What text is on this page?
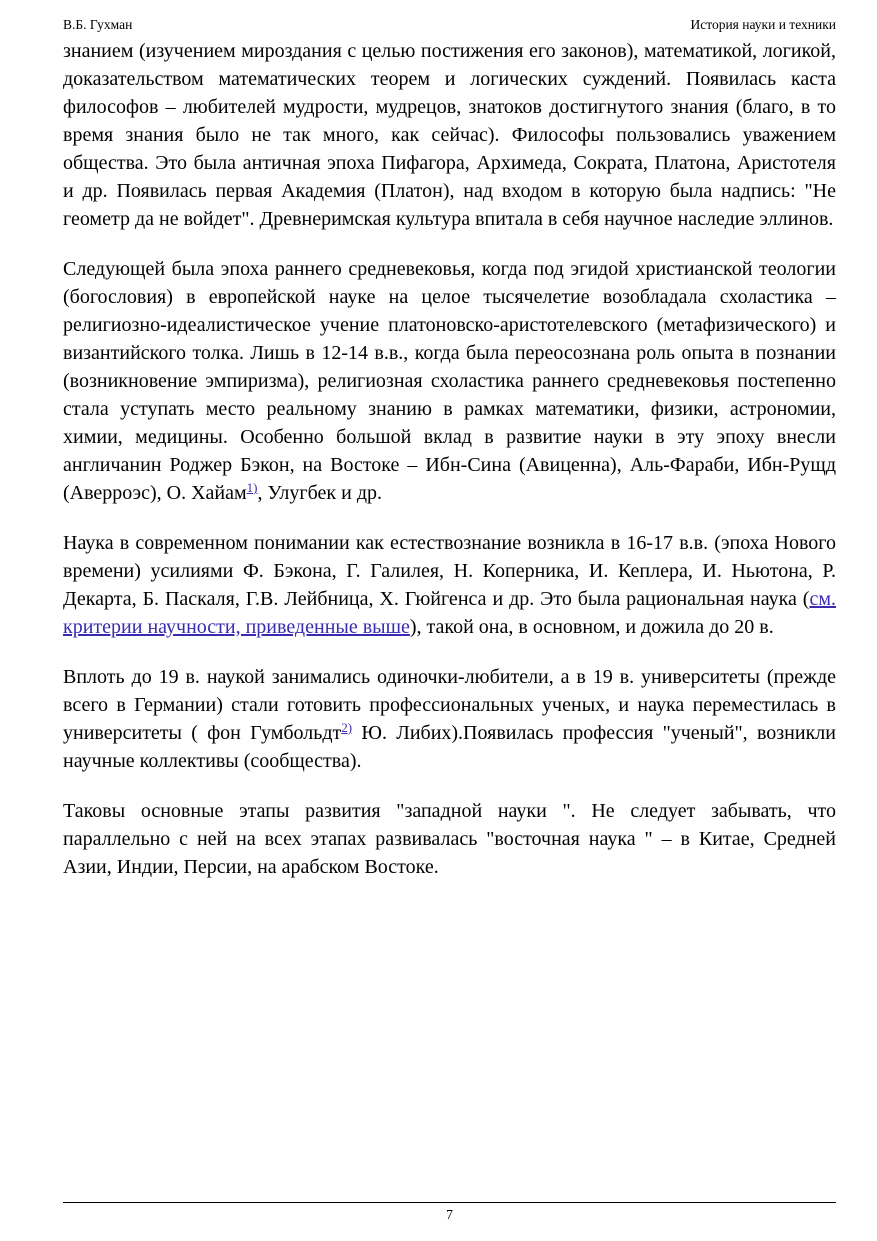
В.Б. Гухман	История науки и техники

знанием (изучением мироздания с целью постижения его законов), математикой, логикой, доказательством математических теорем и логических суждений. Появилась каста философов – любителей мудрости, мудрецов, знатоков достигнутого знания (благо, в то время знания было не так много, как сейчас). Философы пользовались уважением общества. Это была античная эпоха Пифагора, Архимеда, Сократа, Платона, Аристотеля и др. Появилась первая Академия (Платон), над входом в которую была надпись: "Не геометр да не войдет". Древнеримская культура впитала в себя научное наследие эллинов.

Следующей была эпоха раннего средневековья, когда под эгидой христианской теологии (богословия) в европейской науке на целое тысячелетие возобладала схоластика – религиозно-идеалистическое учение платоновско-аристотелевского (метафизического) и византийского толка. Лишь в 12-14 в.в., когда была переосознана роль опыта в познании (возникновение эмпиризма), религиозная схоластика раннего средневековья постепенно стала уступать место реальному знанию в рамках математики, физики, астрономии, химии, медицины. Особенно большой вклад в развитие науки в эту эпоху внесли англичанин Роджер Бэкон, на Востоке – Ибн-Сина (Авиценна), Аль-Фараби, Ибн-Рущд (Аверроэс), О. Хайам$^{1)}$, Улугбек и др.

Наука в современном понимании как естествознание возникла в 16-17 в.в. (эпоха Нового времени) усилиями Ф. Бэкона, Г. Галилея, Н. Коперника, И. Кеплера, И. Ньютона, Р. Декарта, Б. Паскаля, Г.В. Лейбница, Х. Гюйгенса и др. Это была рациональная наука (см. критерии научности, приведенные выше), такой она, в основном, и дожила до 20 в.

Вплоть до 19 в. наукой занимались одиночки-любители, а в 19 в. университеты (прежде всего в Германии) стали готовить профессиональных ученых, и наука переместилась в университеты ( фон Гумбольдт$^{2)}$ Ю. Либих).Появилась профессия "ученый", возникли научные коллективы (сообщества).

Таковы основные этапы развития "западной науки ". Не следует забывать, что параллельно с ней на всех этапах развивалась "восточная наука " – в Китае, Средней Азии, Индии, Персии, на арабском Востоке.

7
